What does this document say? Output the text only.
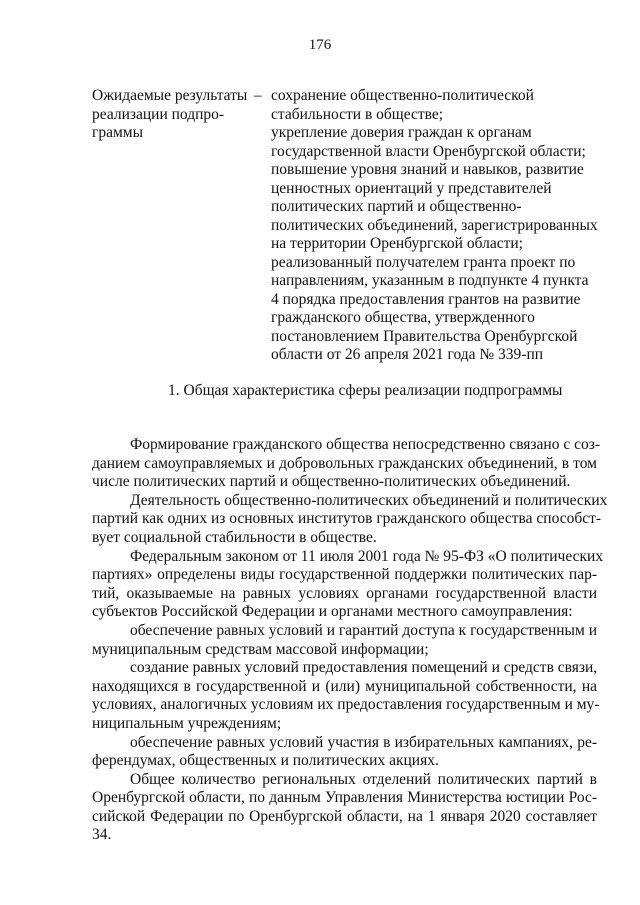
176
Ожидаемые результаты
реализации подпро-
граммы
– сохранение общественно-политической
стабильности в обществе;
укрепление доверия граждан к органам
государственной власти Оренбургской области;
повышение уровня знаний и навыков, развитие
ценностных ориентаций у представителей
политических партий и общественно-
политических объединений, зарегистрированных
на территории Оренбургской области;
реализованный получателем гранта проект по
направлениям, указанным в подпункте 4 пункта
4 порядка предоставления грантов на развитие
гражданского общества, утвержденного
постановлением Правительства Оренбургской
области от 26 апреля 2021 года № 339-пп
1. Общая характеристика сферы реализации подпрограммы
Формирование гражданского общества непосредственно связано с соз-
данием самоуправляемых и добровольных гражданских объединений, в том
числе политических партий и общественно-политических объединений.
Деятельность общественно-политических объединений и политических
партий как одних из основных институтов гражданского общества способст-
вует социальной стабильности в обществе.
Федеральным законом от 11 июля 2001 года № 95-ФЗ «О политических
партиях» определены виды государственной поддержки политических пар-
тий, оказываемые на равных условиях органами государственной власти
субъектов Российской Федерации и органами местного самоуправления:
обеспечение равных условий и гарантий доступа к государственным и
муниципальным средствам массовой информации;
создание равных условий предоставления помещений и средств связи,
находящихся в государственной и (или) муниципальной собственности, на
условиях, аналогичных условиям их предоставления государственным и му-
ниципальным учреждениям;
обеспечение равных условий участия в избирательных кампаниях, ре-
ферендумах, общественных и политических акциях.
Общее количество региональных отделений политических партий в
Оренбургской области, по данным Управления Министерства юстиции Рос-
сийской Федерации по Оренбургской области, на 1 января 2020 составляет
34.
